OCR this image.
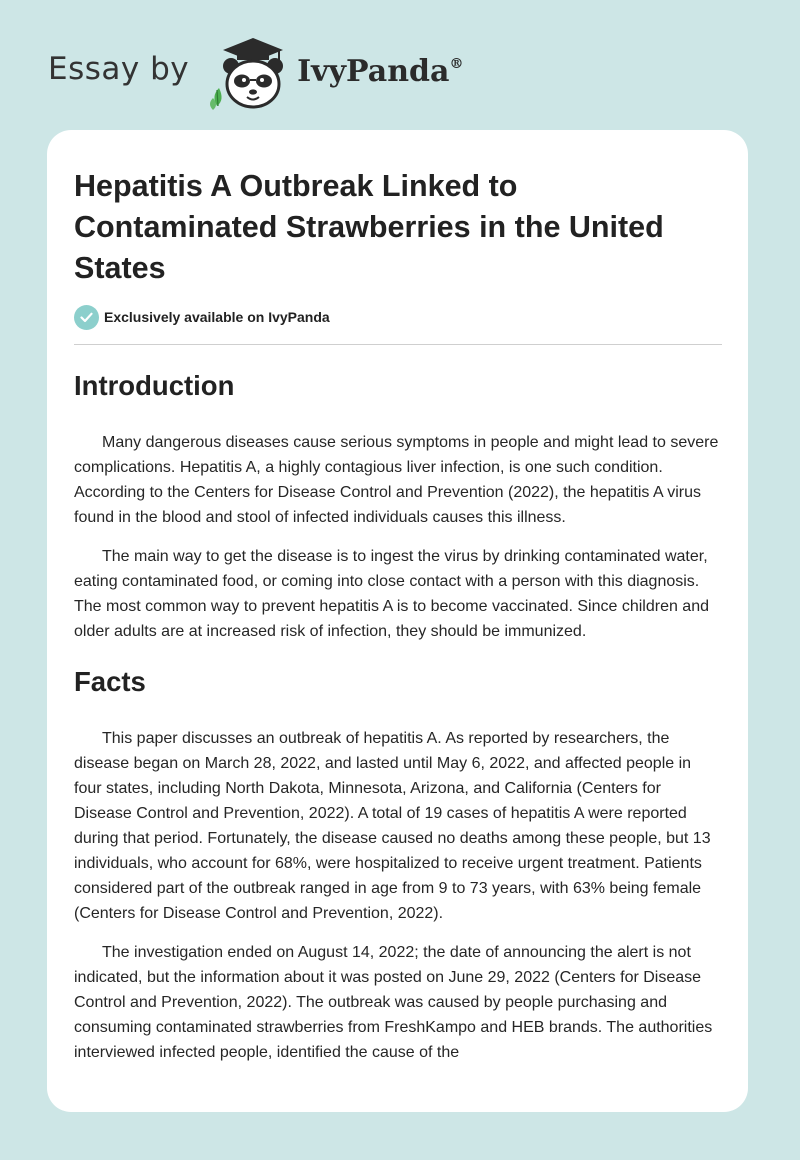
Essay by	IvyPanda®
Hepatitis A Outbreak Linked to Contaminated Strawberries in the United States
Exclusively available on IvyPanda
Introduction

Many dangerous diseases cause serious symptoms in people and might lead to severe complications. Hepatitis A, a highly contagious liver infection, is one such condition. According to the Centers for Disease Control and Prevention (2022), the hepatitis A virus found in the blood and stool of infected individuals causes this illness.

The main way to get the disease is to ingest the virus by drinking contaminated water, eating contaminated food, or coming into close contact with a person with this diagnosis. The most common way to prevent hepatitis A is to become vaccinated. Since children and older adults are at increased risk of infection, they should be immunized.

Facts

This paper discusses an outbreak of hepatitis A. As reported by researchers, the disease began on March 28, 2022, and lasted until May 6, 2022, and affected people in four states, including North Dakota, Minnesota, Arizona, and California (Centers for Disease Control and Prevention, 2022). A total of 19 cases of hepatitis A were reported during that period. Fortunately, the disease caused no deaths among these people, but 13 individuals, who account for 68%, were hospitalized to receive urgent treatment. Patients considered part of the outbreak ranged in age from 9 to 73 years, with 63% being female (Centers for Disease Control and Prevention, 2022).

The investigation ended on August 14, 2022; the date of announcing the alert is not indicated, but the information about it was posted on June 29, 2022 (Centers for Disease Control and Prevention, 2022). The outbreak was caused by people purchasing and consuming contaminated strawberries from FreshKampo and HEB brands. The authorities interviewed infected people, identified the cause of the
